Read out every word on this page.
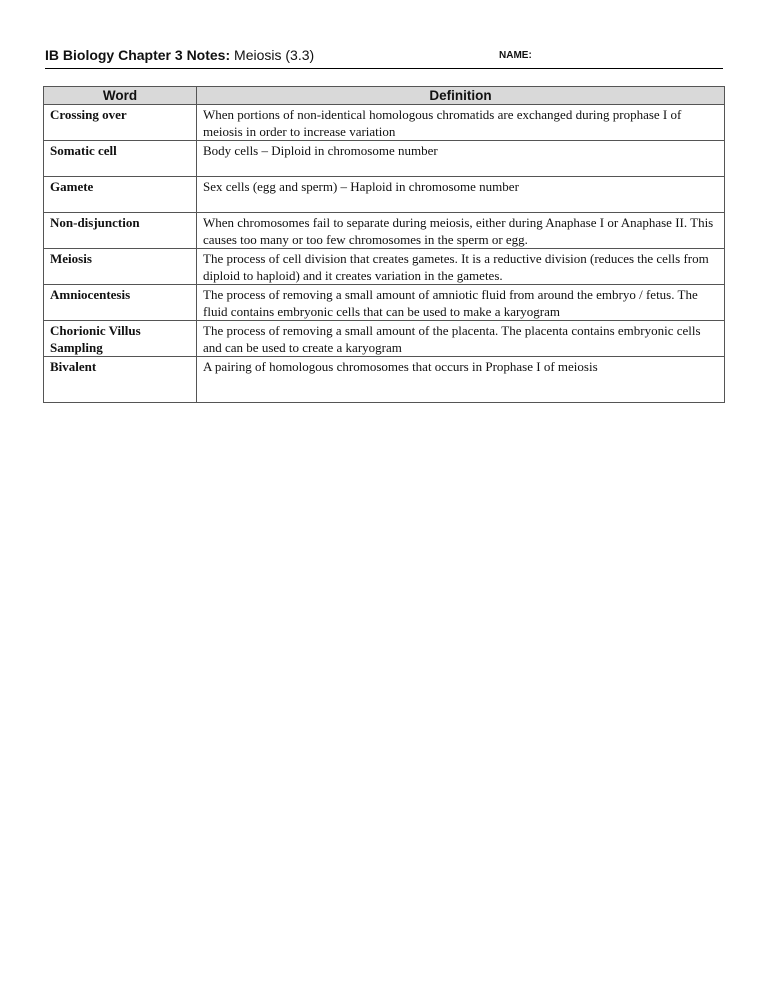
IB Biology Chapter 3 Notes: Meiosis (3.3)	NAME:
Word	Definition
Crossing over	When portions of non-identical homologous chromatids are exchanged during prophase I of meiosis in order to increase variation
Somatic cell	Body cells – Diploid in chromosome number
Gamete	Sex cells (egg and sperm) – Haploid in chromosome number
Non-disjunction	When chromosomes fail to separate during meiosis, either during Anaphase I or Anaphase II. This causes too many or too few chromosomes in the sperm or egg.
Meiosis	The process of cell division that creates gametes. It is a reductive division (reduces the cells from diploid to haploid) and it creates variation in the gametes.
Amniocentesis	The process of removing a small amount of amniotic fluid from around the embryo / fetus. The fluid contains embryonic cells that can be used to make a karyogram
Chorionic Villus Sampling	The process of removing a small amount of the placenta. The placenta contains embryonic cells and can be used to create a karyogram
Bivalent	A pairing of homologous chromosomes that occurs in Prophase I of meiosis
